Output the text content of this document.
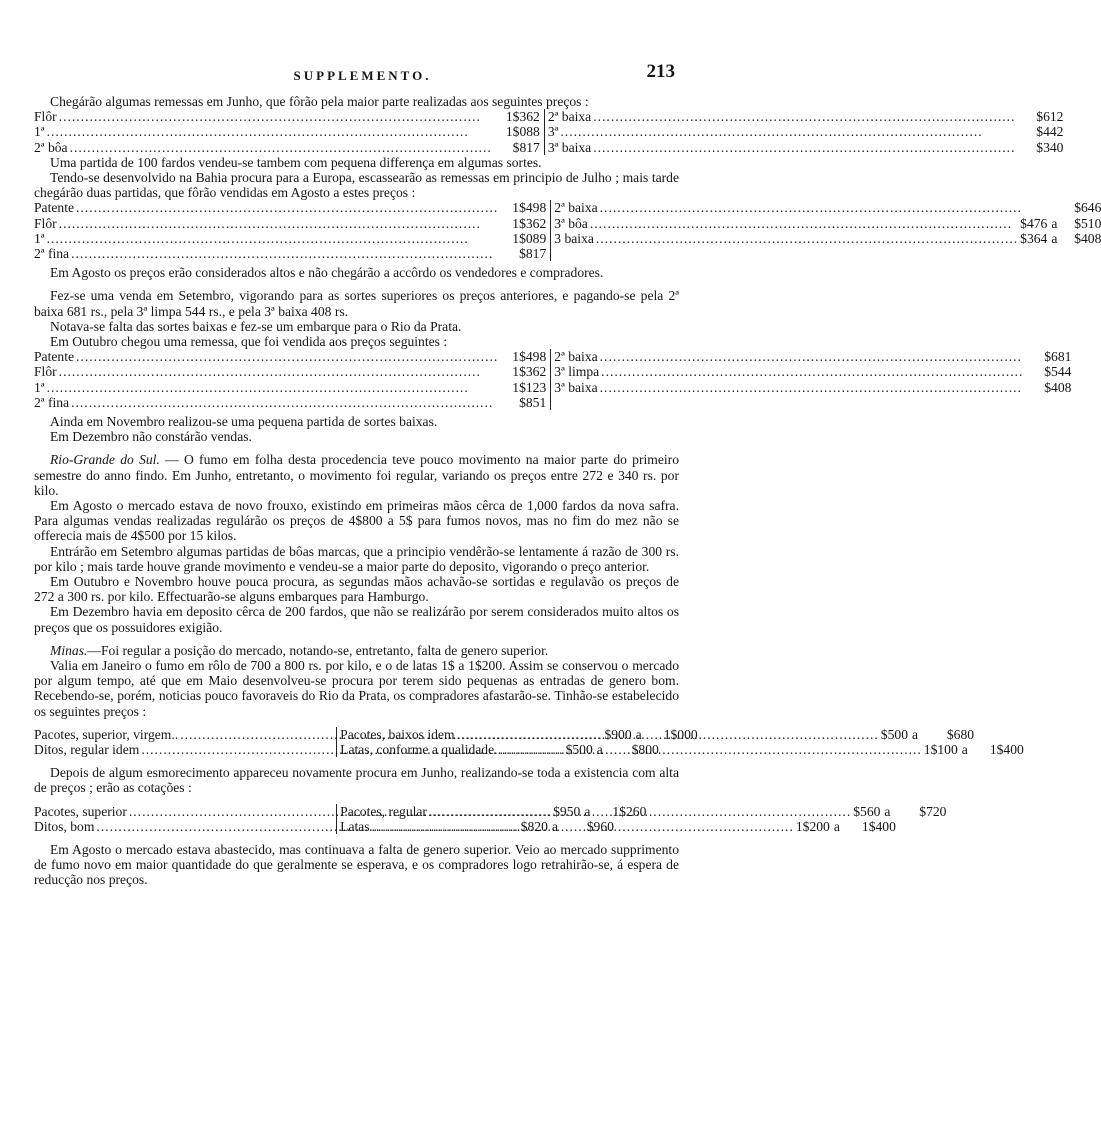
SUPPLEMENTO.	213

Chegárão algumas remessas em Junho, que fôrão pela maior parte realizadas aos seguintes preços :

Flôr .....	1$362
1ª .....	1$088
2ª bôa .....	$817
2ª baixa .....	$612
3ª .....	$442
3ª baixa .....	$340

Uma partida de 100 fardos vendeu-se tambem com pequena differença em algumas sortes.

Tendo-se desenvolvido na Bahia procura para a Europa, escassearão as remessas em principio de Julho ; mais tarde chegárão duas partidas, que fôrão vendidas em Agosto a estes preços :

Patente .....	1$498
Flôr .....	1$362
1ª .....	1$089
2ª fina .....	$817
2ª baixa .....	$646
3ª bôa .....	$476 a	$510
3 baixa .....	$364 a	$408

Em Agosto os preços erão considerados altos e não chegárão a accôrdo os vendedores e compradores.

Fez-se uma venda em Setembro, vigorando para as sortes superiores os preços anteriores, e pagando-se pela 2ª baixa 681 rs., pela 3ª limpa 544 rs., e pela 3ª baixa 408 rs.

Notava-se falta das sortes baixas e fez-se um embarque para o Rio da Prata.

Em Outubro chegou uma remessa, que foi vendida aos preços seguintes :

Patente .....	1$498
Flôr .....	1$362
1ª .....	1$123
2ª fina .....	$851
2ª baixa .....	$681
3ª limpa .....	$544
3ª baixa .....	$408

Ainda em Novembro realizou-se uma pequena partida de sortes baixas.

Em Dezembro não constárão vendas.

Rio-Grande do Sul. — O fumo em folha desta procedencia teve pouco movimento na maior parte do primeiro semestre do anno findo. Em Junho, entretanto, o movimento foi regular, variando os preços entre 272 e 340 rs. por kilo.

Em Agosto o mercado estava de novo frouxo, existindo em primeiras mãos cêrca de 1,000 fardos da nova safra. Para algumas vendas realizadas regulárão os preços de 4$800 a 5$ para fumos novos, mas no fim do mez não se offerecia mais de 4$500 por 15 kilos.

Entrárão em Setembro algumas partidas de bôas marcas, que a principio vendêrão-se lentamente á razão de 300 rs. por kilo ; mais tarde houve grande movimento e vendeu-se a maior parte do deposito, vigorando o preço anterior.

Em Outubro e Novembro houve pouca procura, as segundas mãos achavão-se sortidas e regulavão os preços de 272 a 300 rs. por kilo. Effectuarão-se alguns embarques para Hamburgo.

Em Dezembro havia em deposito cêrca de 200 fardos, que não se realizárão por serem considerados muito altos os preços que os possuidores exigião.

Minas.—Foi regular a posição do mercado, notando-se, entretanto, falta de genero superior.

Valia em Janeiro o fumo em rôlo de 700 a 800 rs. por kilo, e o de latas 1$ a 1$200. Assim se conservou o mercado por algum tempo, até que em Maio desenvolveu-se procura por terem sido pequenas as entradas de genero bom. Recebendo-se, porém, noticias pouco favoraveis do Rio da Prata, os compradores afastarão-se. Tinhão-se estabelecido os seguintes preços :

Pacotes, superior, virgem.. .....	$900 a	1$000
Ditos, regular idem .....	$500 a	$800
Pacotes, baixos idem .....	$500 a	$680
Latas, conforme a qualidade. .....	1$100 a	1$400

Depois de algum esmorecimento appareceu novamente procura em Junho, realizando-se toda a existencia com alta de preços ; erão as cotações :

Pacotes, superior .....	$950 a	1$260
Ditos, bom .....	$820 a	$960
Pacotes, regular .....	$560 a	$720
Latas .....	1$200 a	1$400

Em Agosto o mercado estava abastecido, mas continuava a falta de genero superior. Veio ao mercado supprimento de fumo novo em maior quantidade do que geralmente se esperava, e os compradores logo retrahirão-se, á espera de reducção nos preços.
